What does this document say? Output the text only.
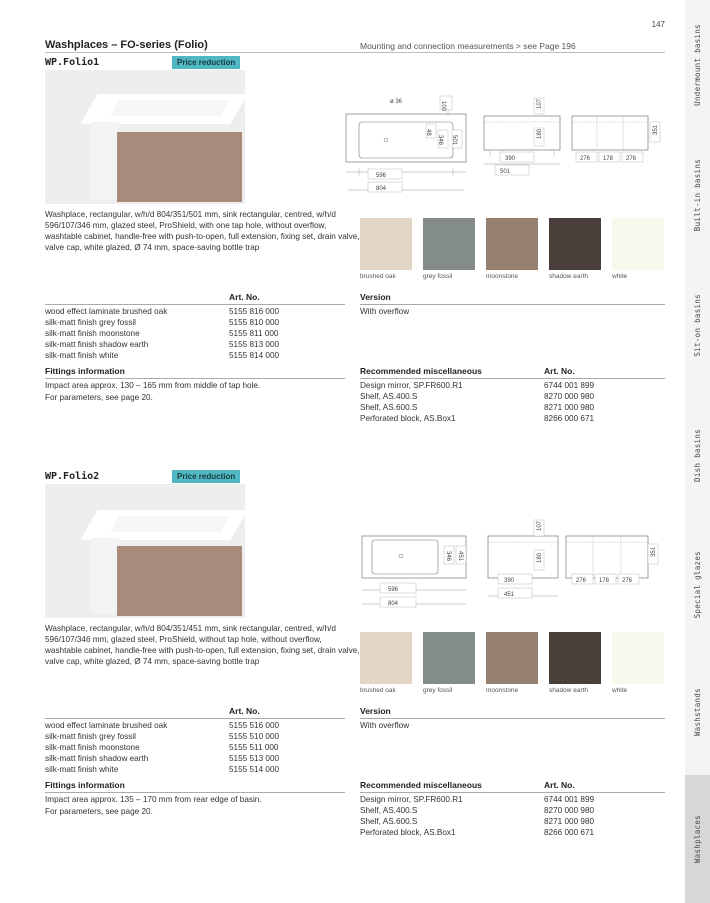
Undermount basins
Built-in basins
Sit-on basins
Dish basins
Special glazes
Washstands
Washplaces
147
Washplaces – FO-series (Folio)	Mounting and connection measurements > see Page 196
WP.Folio1	Price reduction
Washplace, rectangular, w/h/d 804/351/501 mm, sink rectangular, centred, w/h/d 596/107/346 mm, glazed steel, ProShield, with one tap hole, without overflow, washtable cabinet, handle-free with push-to-open, full extension, fixing set, drain valve, valve cap, white glazed, Ø 74 mm, space-saving bottle trap
ø 36	100
48
346 501
596
804
390
501
107
180
276 178 276
351
brushed oak	grey fossil	moonstone	shadow earth	white
Art. No.	Version
wood effect laminate brushed oak	5155 816 000
silk-matt finish grey fossil	5155 810 000
silk-matt finish moonstone	5155 811 000
silk-matt finish shadow earth	5155 813 000
silk-matt finish white	5155 814 000
With overflow
Fittings information
Impact area approx. 130 – 165 mm from middle of tap hole.
For parameters, see page 20.
Recommended miscellaneous	Art. No.
Design mirror, SP.FR600.R1	6744 001 899
Shelf, AS.400.S	8270 000 980
Shelf, AS.600.S	8271 000 980
Perforated block, AS.Box1	8266 000 671
WP.Folio2	Price reduction
Washplace, rectangular, w/h/d 804/351/451 mm, sink rectangular, centred, w/h/d 596/107/346 mm, glazed steel, ProShield, without tap hole, without overflow, washtable cabinet, handle-free with push-to-open, full extension, fixing set, drain valve, valve cap, white glazed, Ø 74 mm, space-saving bottle trap
596
804
346 451
390
451
107
180
276 178 276
351
brushed oak	grey fossil	moonstone	shadow earth	white
Art. No.	Version
wood effect laminate brushed oak	5155 516 000
silk-matt finish grey fossil	5155 510 000
silk-matt finish moonstone	5155 511 000
silk-matt finish shadow earth	5155 513 000
silk-matt finish white	5155 514 000
With overflow
Fittings information
Impact area approx. 135 – 170 mm from rear edge of basin.
For parameters, see page 20.
Recommended miscellaneous	Art. No.
Design mirror, SP.FR600.R1	6744 001 899
Shelf, AS.400.S	8270 000 980
Shelf, AS.600.S	8271 000 980
Perforated block, AS.Box1	8266 000 671
